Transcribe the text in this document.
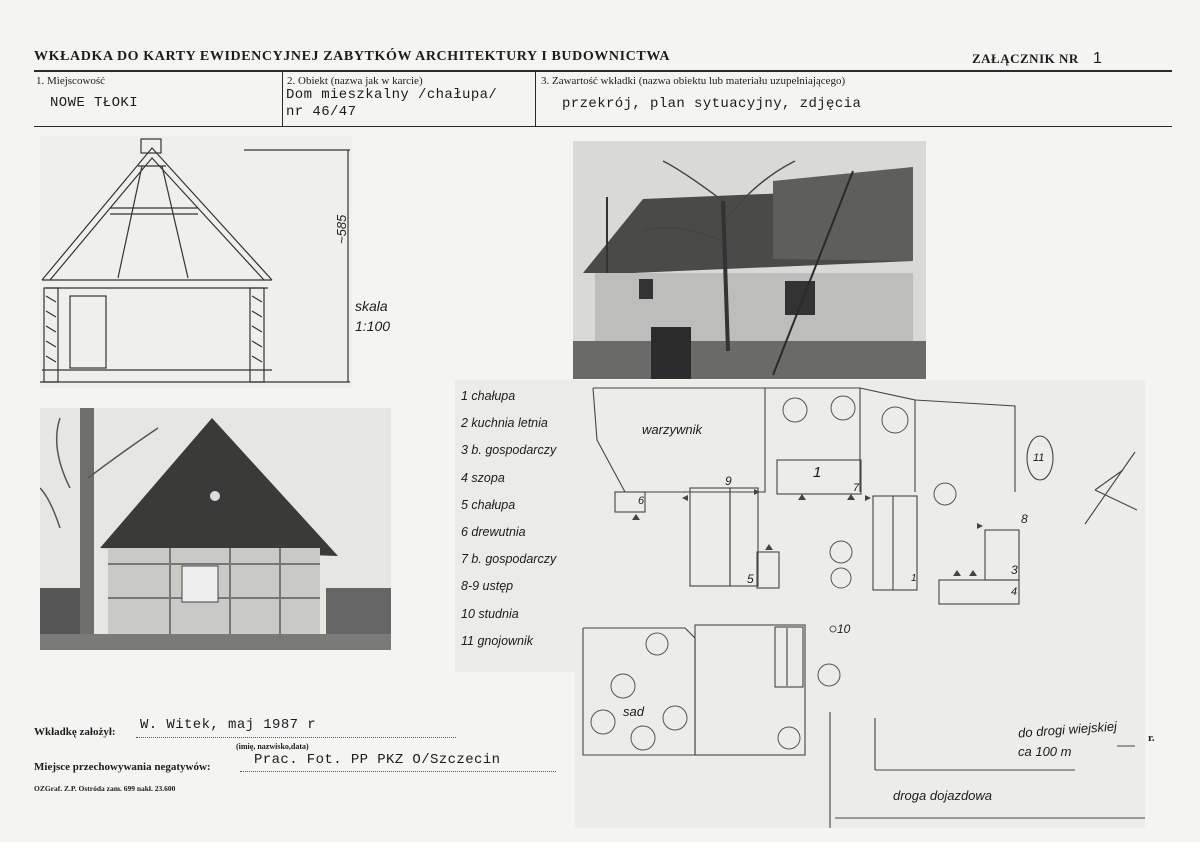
WKŁADKA DO KARTY EWIDENCYJNEJ ZABYTKÓW ARCHITEKTURY I BUDOWNICTWA	ZAŁĄCZNIK NR 1
1. Miejscowość
NOWE TŁOKI
2. Obiekt (nazwa jak w karcie)
Dom mieszkalny /chałupa/
nr 46/47
3. Zawartość wkładki (nazwa obiektu lub materiału uzupełniającego)
przekrój, plan sytuacyjny, zdjęcia
~585
skala
1:100
1 chałupa
2 kuchnia letnia
3 b. gospodarczy
4 szopa
5 chałupa
6 drewutnia
7 b. gospodarczy
8-9 ustęp
10 studnia
11 gnojownik
warzywnik
sad
do drogi wiejskiej
ca 100 m
droga dojazdowa
1
1
3
4
5
6
7
8
9
10
11
r.
Wkładkę założył: W. Witek, maj 1987 r
(imię, nazwisko,data)
Miejsce przechowywania negatywów:	Prac. Fot. PP PKZ O/Szczecin
OZGraf. Z.P. Ostróda zam. 699 nakł. 23.600
